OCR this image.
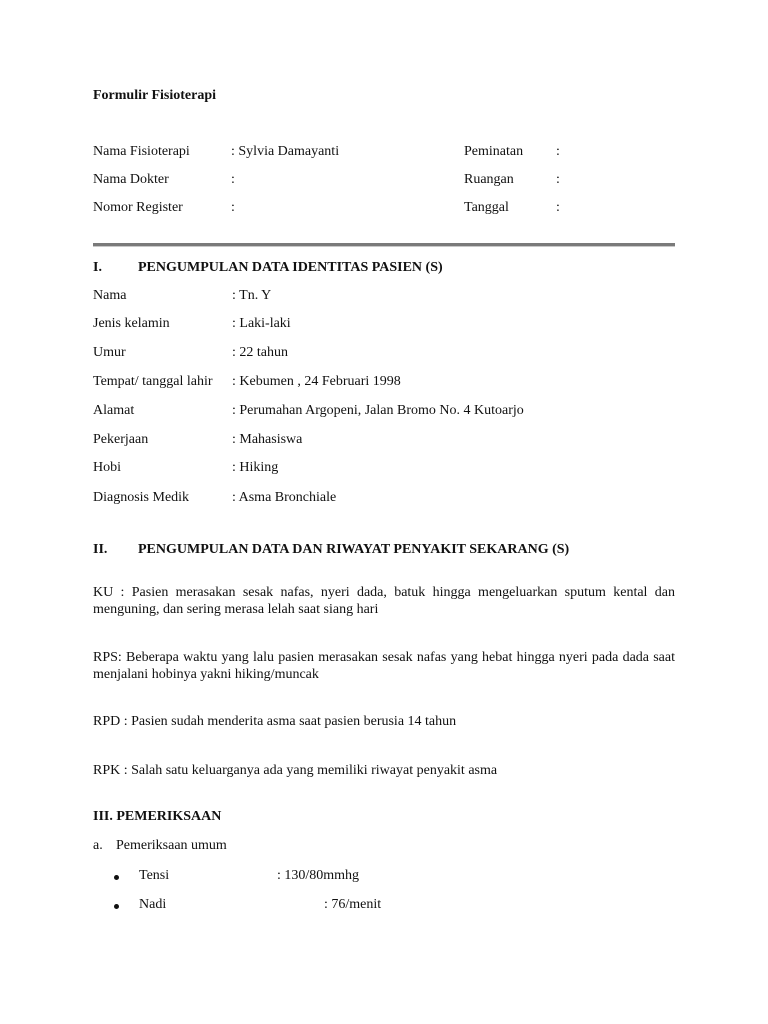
Formulir Fisioterapi
Nama Fisioterapi	: Sylvia Damayanti	Peminatan :
Nama Dokter	:	Ruangan	:
Nomor Register	:	Tanggal	:
I.	PENGUMPULAN DATA IDENTITAS PASIEN (S)
Nama	: Tn. Y
Jenis kelamin	: Laki-laki
Umur	: 22 tahun
Tempat/ tanggal lahir : Kebumen , 24 Februari 1998
Alamat	: Perumahan Argopeni, Jalan Bromo No. 4 Kutoarjo
Pekerjaan	: Mahasiswa
Hobi	: Hiking
Diagnosis Medik	: Asma Bronchiale
II. PENGUMPULAN DATA DAN RIWAYAT PENYAKIT SEKARANG (S)
KU : Pasien merasakan sesak nafas, nyeri dada, batuk hingga mengeluarkan sputum kental dan menguning, dan sering merasa lelah saat siang hari
RPS: Beberapa waktu yang lalu pasien merasakan sesak nafas yang hebat hingga nyeri pada dada saat menjalani hobinya yakni hiking/muncak
RPD : Pasien sudah menderita asma saat pasien berusia 14 tahun
RPK : Salah satu keluarganya ada yang memiliki riwayat penyakit asma
III. PEMERIKSAAN
a. Pemeriksaan umum
Tensi	: 130/80mmhg
Nadi	: 76/menit
